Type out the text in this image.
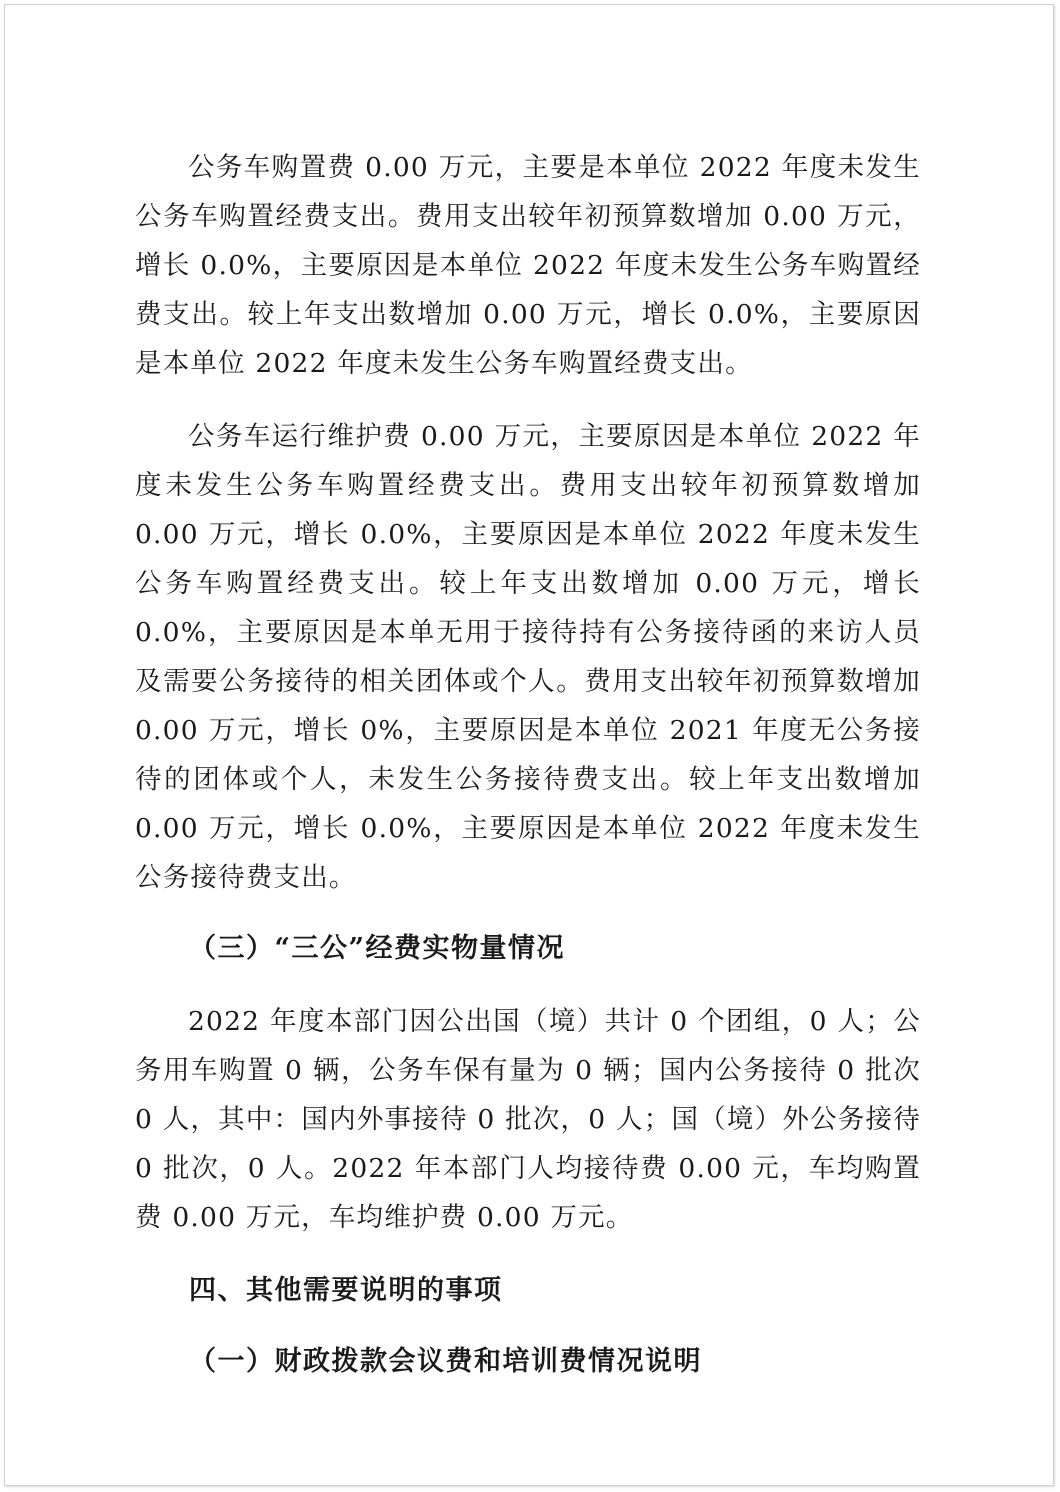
公务车购置费 0.00 万元，主要是本单位 2022 年度未发生公务车购置经费支出。费用支出较年初预算数增加 0.00 万元，增长 0.0%，主要原因是本单位 2022 年度未发生公务车购置经费支出。较上年支出数增加 0.00 万元，增长 0.0%，主要原因是本单位 2022 年度未发生公务车购置经费支出。

公务车运行维护费 0.00 万元，主要原因是本单位 2022 年度未发生公务车购置经费支出。费用支出较年初预算数增加 0.00 万元，增长 0.0%，主要原因是本单位 2022 年度未发生公务车购置经费支出。较上年支出数增加 0.00 万元，增长 0.0%，主要原因是本单无用于接待持有公务接待函的来访人员及需要公务接待的相关团体或个人。费用支出较年初预算数增加 0.00 万元，增长 0%，主要原因是本单位 2021 年度无公务接待的团体或个人，未发生公务接待费支出。较上年支出数增加 0.00 万元，增长 0.0%，主要原因是本单位 2022 年度未发生公务接待费支出。

（三）“三公”经费实物量情况

2022 年度本部门因公出国（境）共计 0 个团组，0 人；公务用车购置 0 辆，公务车保有量为 0 辆；国内公务接待 0 批次 0 人，其中：国内外事接待 0 批次，0 人；国（境）外公务接待 0 批次，0 人。2022 年本部门人均接待费 0.00 元，车均购置费 0.00 万元，车均维护费 0.00 万元。

四、其他需要说明的事项

（一）财政拨款会议费和培训费情况说明
